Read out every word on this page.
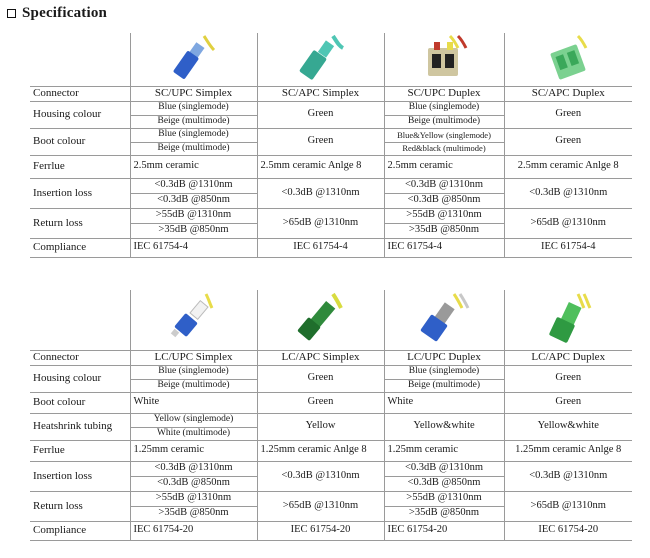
Specification

Connector	SC/UPC Simplex	SC/APC Simplex	SC/UPC Duplex	SC/APC Duplex
Housing colour	Blue (singlemode)	Green	Blue (singlemode)	Green
	Beige (multimode)		Beige (multimode)	
Boot colour	Blue (singlemode)	Green	Blue&Yellow (singlemode)	Green
	Beige (multimode)		Red&black (multimode)	
Ferrlue	2.5mm ceramic	2.5mm ceramic Anlge 8	2.5mm ceramic	2.5mm ceramic Anlge 8
Insertion loss	<0.3dB @1310nm	<0.3dB @1310nm	<0.3dB @1310nm	<0.3dB @1310nm
	<0.3dB @850nm		<0.3dB @850nm	
Return loss	>55dB @1310nm	>65dB @1310nm	>55dB @1310nm	>65dB @1310nm
	>35dB @850nm		>35dB @850nm	
Compliance	IEC 61754-4	IEC 61754-4	IEC 61754-4	IEC 61754-4

Connector	LC/UPC Simplex	LC/APC Simplex	LC/UPC Duplex	LC/APC Duplex
Housing colour	Blue (singlemode)	Green	Blue (singlemode)	Green
	Beige (multimode)		Beige (multimode)	
Boot colour	White	Green	White	Green
Heatshrink tubing	Yellow (singlemode)	Yellow	Yellow&white	Yellow&white
	White (multimode)			
Ferrlue	1.25mm ceramic	1.25mm ceramic Anlge 8	1.25mm ceramic	1.25mm ceramic Anlge 8
Insertion loss	<0.3dB @1310nm	<0.3dB @1310nm	<0.3dB @1310nm	<0.3dB @1310nm
	<0.3dB @850nm		<0.3dB @850nm	
Return loss	>55dB @1310nm	>65dB @1310nm	>55dB @1310nm	>65dB @1310nm
	>35dB @850nm		>35dB @850nm	
Compliance	IEC 61754-20	IEC 61754-20	IEC 61754-20	IEC 61754-20
